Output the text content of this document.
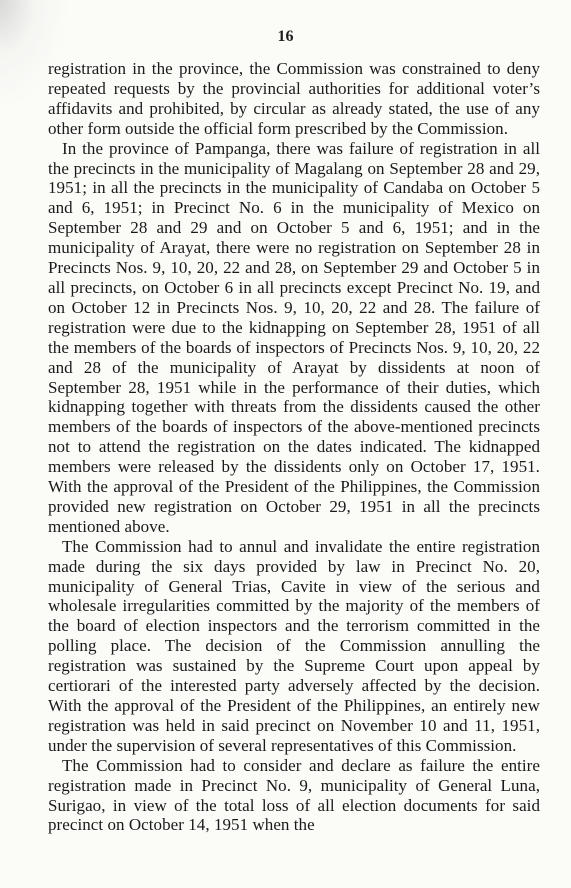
16

registration in the province, the Commission was constrained to deny repeated requests by the provincial authorities for additional voter’s affidavits and prohibited, by circular as already stated, the use of any other form outside the official form prescribed by the Commission.

In the province of Pampanga, there was failure of registration in all the precincts in the municipality of Magalang on September 28 and 29, 1951; in all the precincts in the municipality of Candaba on October 5 and 6, 1951; in Precinct No. 6 in the municipality of Mexico on September 28 and 29 and on October 5 and 6, 1951; and in the municipality of Arayat, there were no registration on September 28 in Precincts Nos. 9, 10, 20, 22 and 28, on September 29 and October 5 in all precincts, on October 6 in all precincts except Precinct No. 19, and on October 12 in Precincts Nos. 9, 10, 20, 22 and 28. The failure of registration were due to the kidnapping on September 28, 1951 of all the members of the boards of inspectors of Precincts Nos. 9, 10, 20, 22 and 28 of the municipality of Arayat by dissidents at noon of September 28, 1951 while in the performance of their duties, which kidnapping together with threats from the dissidents caused the other members of the boards of inspectors of the above-mentioned precincts not to attend the registration on the dates indicated. The kidnapped members were released by the dissidents only on October 17, 1951. With the approval of the President of the Philippines, the Commission provided new registration on October 29, 1951 in all the precincts mentioned above.

The Commission had to annul and invalidate the entire registration made during the six days provided by law in Precinct No. 20, municipality of General Trias, Cavite in view of the serious and wholesale irregularities committed by the majority of the members of the board of election inspectors and the terrorism committed in the polling place. The decision of the Commission annulling the registration was sustained by the Supreme Court upon appeal by certiorari of the interested party adversely affected by the decision. With the approval of the President of the Philippines, an entirely new registration was held in said precinct on November 10 and 11, 1951, under the supervision of several representatives of this Commission.

The Commission had to consider and declare as failure the entire registration made in Precinct No. 9, municipality of General Luna, Surigao, in view of the total loss of all election documents for said precinct on October 14, 1951 when the
